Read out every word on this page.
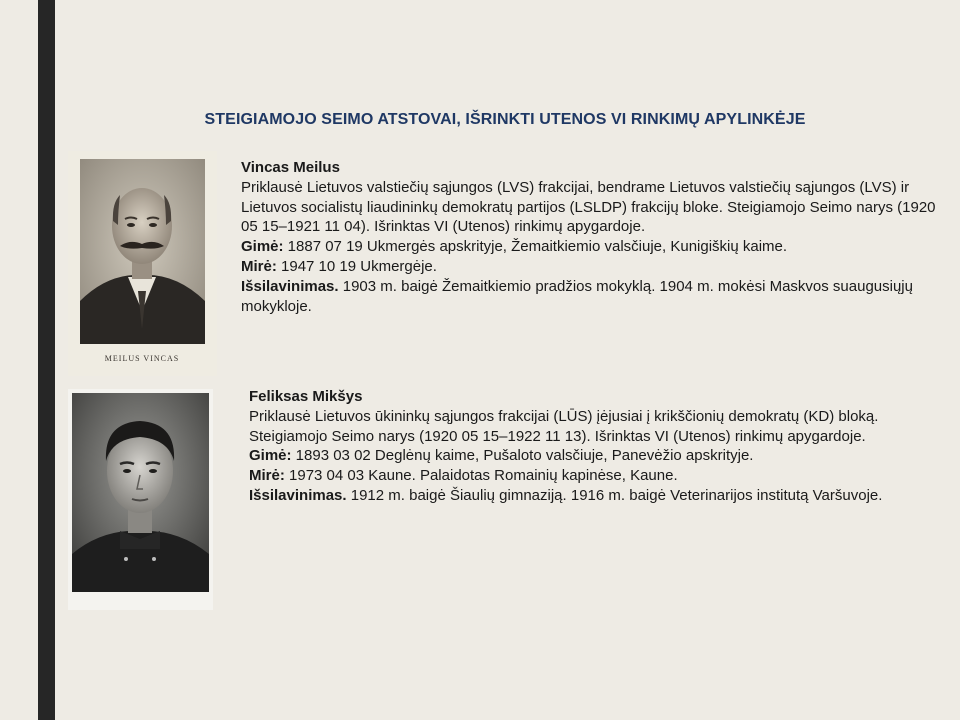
STEIGIAMOJO SEIMO ATSTOVAI, IŠRINKTI UTENOS VI RINKIMŲ APYLINKĖJE
MEILUS VINCAS
Vincas Meilus

Priklausė Lietuvos valstiečių sąjungos (LVS) frakcijai, bendrame Lietuvos valstiečių sąjungos (LVS) ir Lietuvos socialistų liaudininkų demokratų partijos (LSLDP) frakcijų bloke. Steigiamojo Seimo narys (1920 05 15–1921 11 04). Išrinktas VI (Utenos) rinkimų apygardoje.

Gimė: 1887 07 19 Ukmergės apskrityje, Žemaitkiemio valsčiuje, Kunigiškių kaime.

Mirė: 1947 10 19 Ukmergėje.

Išsilavinimas. 1903 m. baigė Žemaitkiemio pradžios mokyklą. 1904 m. mokėsi Maskvos suaugusiųjų mokykloje.

Feliksas Mikšys

Priklausė Lietuvos ūkininkų sąjungos frakcijai (LŪS) įėjusiai į krikščionių demokratų (KD) bloką. Steigiamojo Seimo narys (1920 05 15–1922 11 13). Išrinktas VI (Utenos) rinkimų apygardoje.

Gimė: 1893 03 02 Deglėnų kaime, Pušaloto valsčiuje, Panevėžio apskrityje.

Mirė: 1973 04 03 Kaune. Palaidotas Romainių kapinėse, Kaune.

Išsilavinimas. 1912 m. baigė Šiaulių gimnaziją. 1916 m. baigė Veterinarijos institutą Varšuvoje.
